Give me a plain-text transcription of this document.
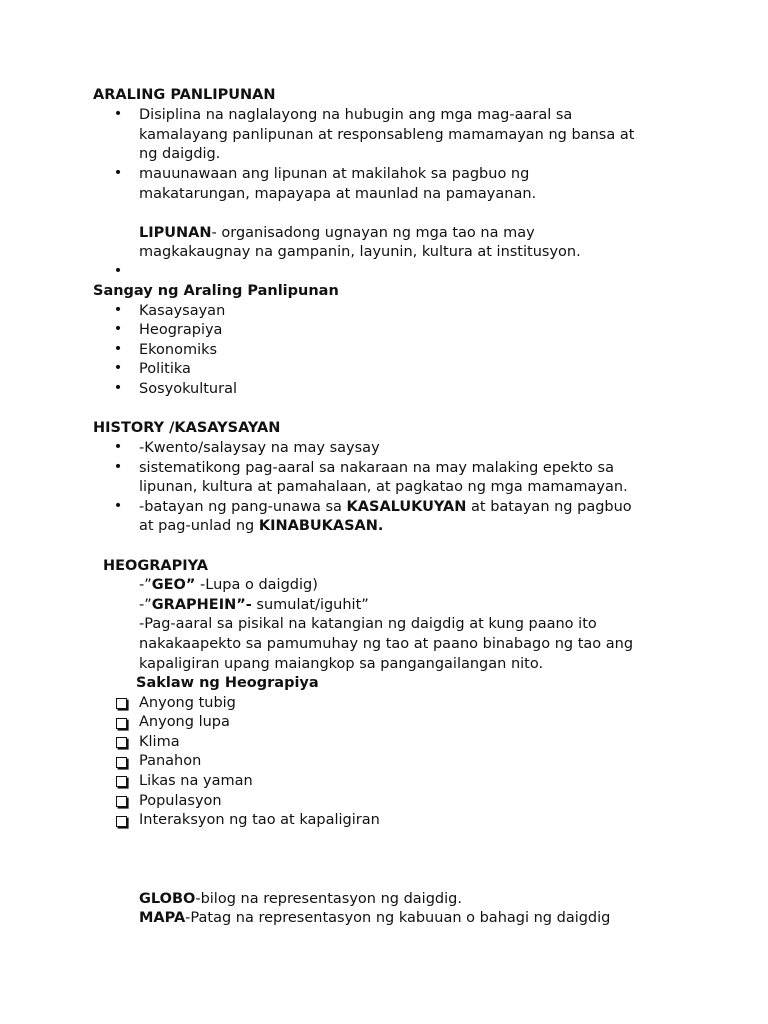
ARALING PANLIPUNAN
• Disiplina na naglalayong na hubugin ang mga mag-aaral sa
kamalayang panlipunan at responsableng mamamayan ng bansa at
ng daigdig.
• mauunawaan ang lipunan at makilahok sa pagbuo ng
makatarungan, mapayapa at maunlad na pamayanan.
LIPUNAN- organisadong ugnayan ng mga tao na may
magkakaugnay na gampanin, layunin, kultura at institusyon.
•
Sangay ng Araling Panlipunan
• Kasaysayan
• Heograpiya
• Ekonomiks
• Politika
• Sosyokultural
HISTORY /KASAYSAYAN
• -Kwento/salaysay na may saysay
• sistematikong pag-aaral sa nakaraan na may malaking epekto sa
lipunan, kultura at pamahalaan, at pagkatao ng mga mamamayan.
• -batayan ng pang-unawa sa KASALUKUYAN at batayan ng pagbuo
at pag-unlad ng KINABUKASAN.
HEOGRAPIYA
-”GEO” -Lupa o daigdig)
-”GRAPHEIN”- sumulat/iguhit”
-Pag-aaral sa pisikal na katangian ng daigdig at kung paano ito
nakakaapekto sa pamumuhay ng tao at paano binabago ng tao ang
kapaligiran upang maiangkop sa pangangailangan nito.
Saklaw ng Heograpiya
Anyong tubig
Anyong lupa
Klima
Panahon
Likas na yaman
Populasyon
Interaksyon ng tao at kapaligiran
GLOBO-bilog na representasyon ng daigdig.
MAPA-Patag na representasyon ng kabuuan o bahagi ng daigdig
